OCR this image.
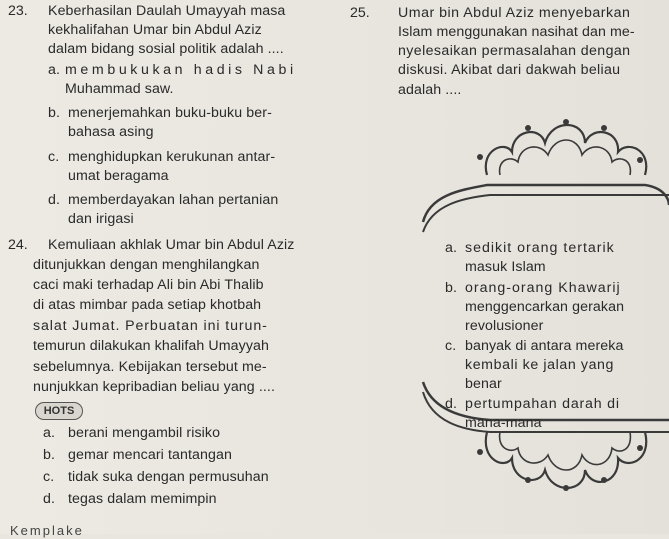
23. Keberhasilan Daulah Umayyah masa
kekhalifahan Umar bin Abdul Aziz
dalam bidang sosial politik adalah ....
a. membukukan hadis Nabi
Muhammad saw.
b. menerjemahkan buku-buku ber-
bahasa asing
c. menghidupkan kerukunan antar-
umat beragama
d. memberdayakan lahan pertanian
dan irigasi
24. Kemuliaan akhlak Umar bin Abdul Aziz
ditunjukkan dengan menghilangkan
caci maki terhadap Ali bin Abi Thalib
di atas mimbar pada setiap khotbah
salat Jumat. Perbuatan ini turun-
temurun dilakukan khalifah Umayyah
sebelumnya. Kebijakan tersebut me-
nunjukkan kepribadian beliau yang ....
HOTS
a. berani mengambil risiko
b. gemar mencari tantangan
c. tidak suka dengan permusuhan
d. tegas dalam memimpin
Kemplake
25. Umar bin Abdul Aziz menyebarkan
Islam menggunakan nasihat dan me-
nyelesaikan permasalahan dengan
diskusi. Akibat dari dakwah beliau
adalah ....
a. sedikit orang tertarik
masuk Islam
b. orang-orang Khawarij
menggencarkan gerakan
revolusioner
c. banyak di antara mereka
kembali ke jalan yang
benar
d. pertumpahan darah di
mana-mana
